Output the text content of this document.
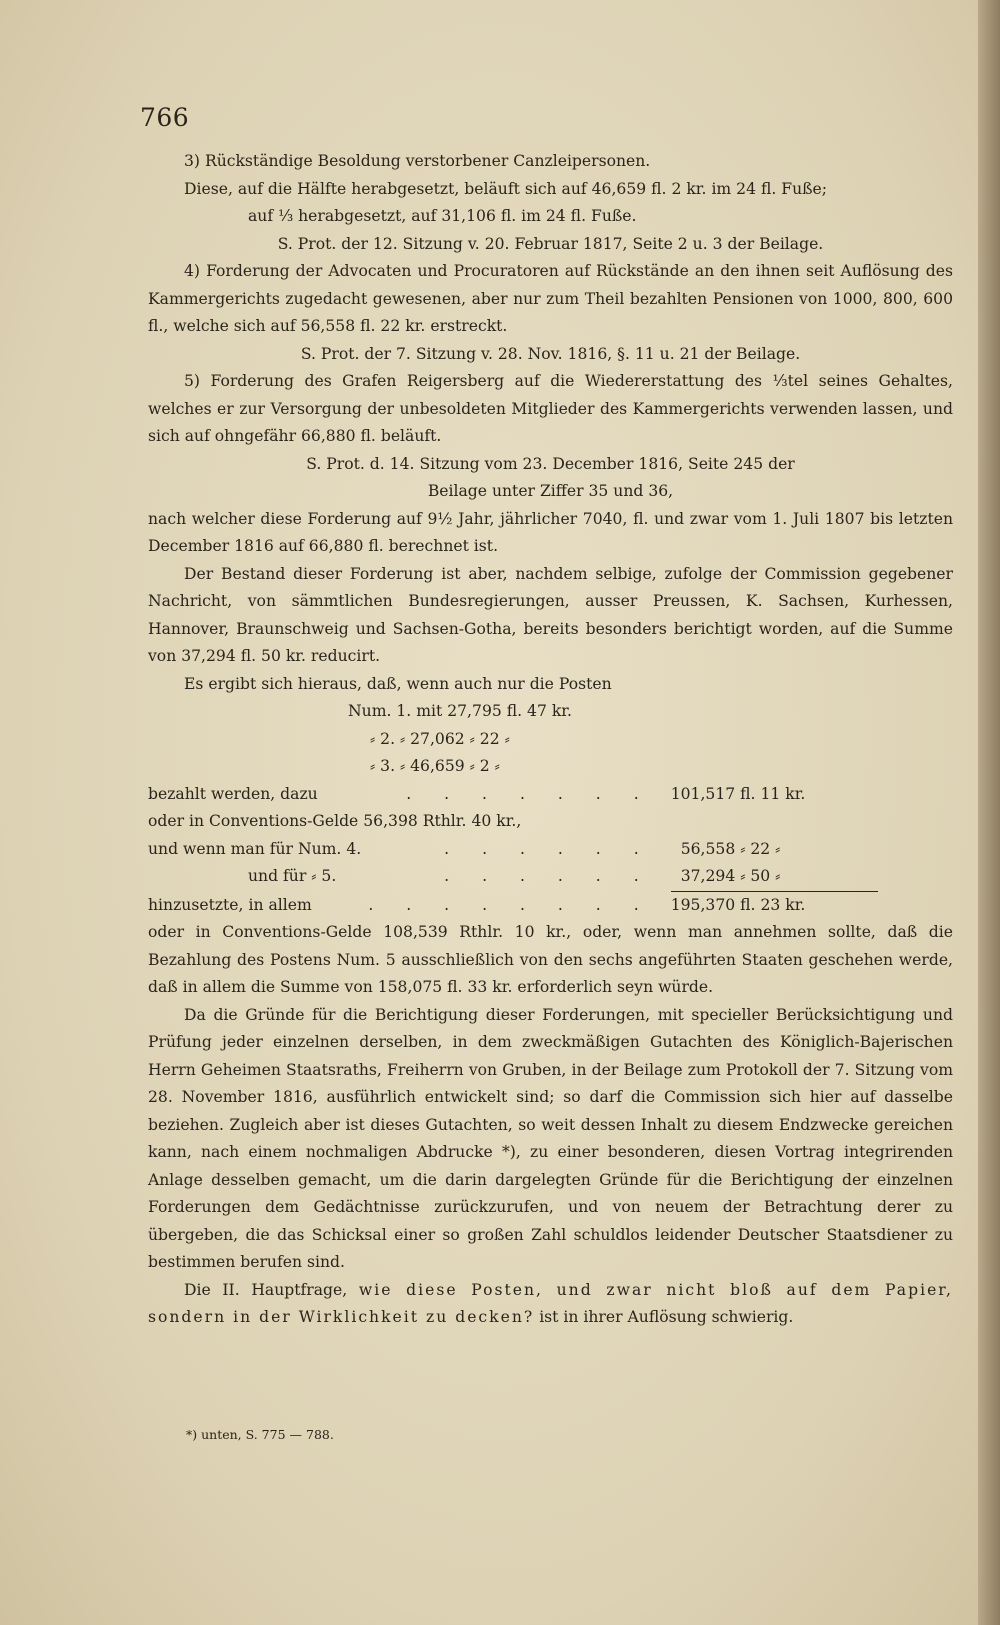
766

3) Rückständige Besoldung verstorbener Canzleipersonen.

Diese, auf die Hälfte herabgesetzt, beläuft sich auf 46,659 fl. 2 kr. im 24 fl. Fuße;

auf ⅓ herabgesetzt, auf 31,106 fl. im 24 fl. Fuße.

S. Prot. der 12. Sitzung v. 20. Februar 1817, Seite 2 u. 3 der Beilage.

4) Forderung der Advocaten und Procuratoren auf Rückstände an den ihnen seit Auflösung des Kammergerichts zugedacht gewesenen, aber nur zum Theil bezahlten Pensionen von 1000, 800, 600 fl., welche sich auf 56,558 fl. 22 kr. erstreckt.

S. Prot. der 7. Sitzung v. 28. Nov. 1816, §. 11 u. 21 der Beilage.

5) Forderung des Grafen Reigersberg auf die Wiedererstattung des ⅓tel seines Gehaltes, welches er zur Versorgung der unbesoldeten Mitglieder des Kammergerichts verwenden lassen, und sich auf ohngefähr 66,880 fl. beläuft.

S. Prot. d. 14. Sitzung vom 23. December 1816, Seite 245 der

Beilage unter Ziffer 35 und 36,

nach welcher diese Forderung auf 9½ Jahr, jährlicher 7040, fl. und zwar vom 1. Juli 1807 bis letzten December 1816 auf 66,880 fl. berechnet ist.

Der Bestand dieser Forderung ist aber, nachdem selbige, zufolge der Commission gegebener Nachricht, von sämmtlichen Bundesregierungen, ausser Preussen, K. Sachsen, Kurhessen, Hannover, Braunschweig und Sachsen-Gotha, bereits besonders berichtigt worden, auf die Summe von 37,294 fl. 50 kr. reducirt.

Es ergibt sich hieraus, daß, wenn auch nur die Posten

	Num. 1. mit 27,795 fl. 47 kr.		
	⸗ 2. ⸗ 27,062 ⸗ 22 ⸗		
	⸗ 3. ⸗ 46,659 ⸗ 2 ⸗		
bezahlt werden, dazu		. . . . . . .	101,517 fl. 11 kr.
oder in Conventions-Gelde 56,398 Rthlr. 40 kr.,			
und wenn man für Num. 4.		. . . . . .	56,558 ⸗ 22 ⸗
und für ⸗ 5.		. . . . . .	37,294 ⸗ 50 ⸗

hinzusetzte, in allem		. . . . . . . .	195,370 fl. 23 kr.

oder in Conventions-Gelde 108,539 Rthlr. 10 kr., oder, wenn man annehmen sollte, daß die Bezahlung des Postens Num. 5 ausschließlich von den sechs angeführten Staaten geschehen werde, daß in allem die Summe von 158,075 fl. 33 kr. erforderlich seyn würde.

Da die Gründe für die Berichtigung dieser Forderungen, mit specieller Berücksichtigung und Prüfung jeder einzelnen derselben, in dem zweckmäßigen Gutachten des Königlich-Bajerischen Herrn Geheimen Staatsraths, Freiherrn von Gruben, in der Beilage zum Protokoll der 7. Sitzung vom 28. November 1816, ausführlich entwickelt sind; so darf die Commission sich hier auf dasselbe beziehen. Zugleich aber ist dieses Gutachten, so weit dessen Inhalt zu diesem Endzwecke gereichen kann, nach einem nochmaligen Abdrucke *), zu einer besonderen, diesen Vortrag integrirenden Anlage desselben gemacht, um die darin dargelegten Gründe für die Berichtigung der einzelnen Forderungen dem Gedächtnisse zurückzurufen, und von neuem der Betrachtung derer zu übergeben, die das Schicksal einer so großen Zahl schuldlos leidender Deutscher Staatsdiener zu bestimmen berufen sind.

Die II. Hauptfrage, wie diese Posten, und zwar nicht bloß auf dem Papier, sondern in der Wirklichkeit zu decken? ist in ihrer Auflösung schwierig.

*) unten, S. 775 — 788.
